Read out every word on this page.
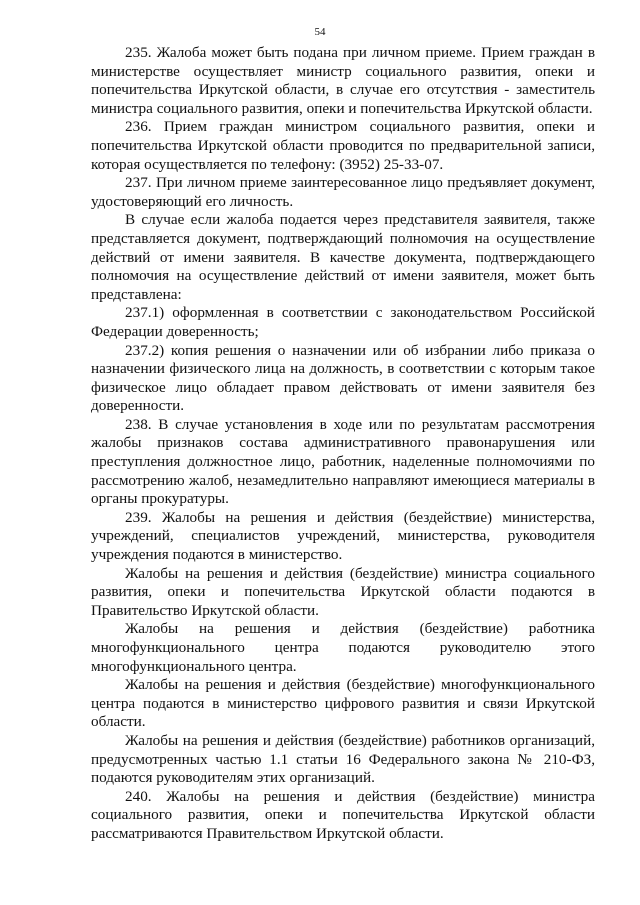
54

235. Жалоба может быть подана при личном приеме. Прием граждан в министерстве осуществляет министр социального развития, опеки и попечительства Иркутской области, в случае его отсутствия - заместитель министра социального развития, опеки и попечительства Иркутской области.

236. Прием граждан министром социального развития, опеки и попечительства Иркутской области проводится по предварительной записи, которая осуществляется по телефону: (3952) 25-33-07.

237. При личном приеме заинтересованное лицо предъявляет документ, удостоверяющий его личность.

В случае если жалоба подается через представителя заявителя, также представляется документ, подтверждающий полномочия на осуществление действий от имени заявителя. В качестве документа, подтверждающего полномочия на осуществление действий от имени заявителя, может быть представлена:

237.1) оформленная в соответствии с законодательством Российской Федерации доверенность;

237.2) копия решения о назначении или об избрании либо приказа о назначении физического лица на должность, в соответствии с которым такое физическое лицо обладает правом действовать от имени заявителя без доверенности.

238. В случае установления в ходе или по результатам рассмотрения жалобы признаков состава административного правонарушения или преступления должностное лицо, работник, наделенные полномочиями по рассмотрению жалоб, незамедлительно направляют имеющиеся материалы в органы прокуратуры.

239. Жалобы на решения и действия (бездействие) министерства, учреждений, специалистов учреждений, министерства, руководителя учреждения подаются в министерство.

Жалобы на решения и действия (бездействие) министра социального развития, опеки и попечительства Иркутской области подаются в Правительство Иркутской области.

Жалобы на решения и действия (бездействие) работника многофункционального центра подаются руководителю этого многофункционального центра.

Жалобы на решения и действия (бездействие) многофункционального центра подаются в министерство цифрового развития и связи Иркутской области.

Жалобы на решения и действия (бездействие) работников организаций, предусмотренных частью 1.1 статьи 16 Федерального закона № 210-ФЗ, подаются руководителям этих организаций.

240. Жалобы на решения и действия (бездействие) министра социального развития, опеки и попечительства Иркутской области рассматриваются Правительством Иркутской области.
